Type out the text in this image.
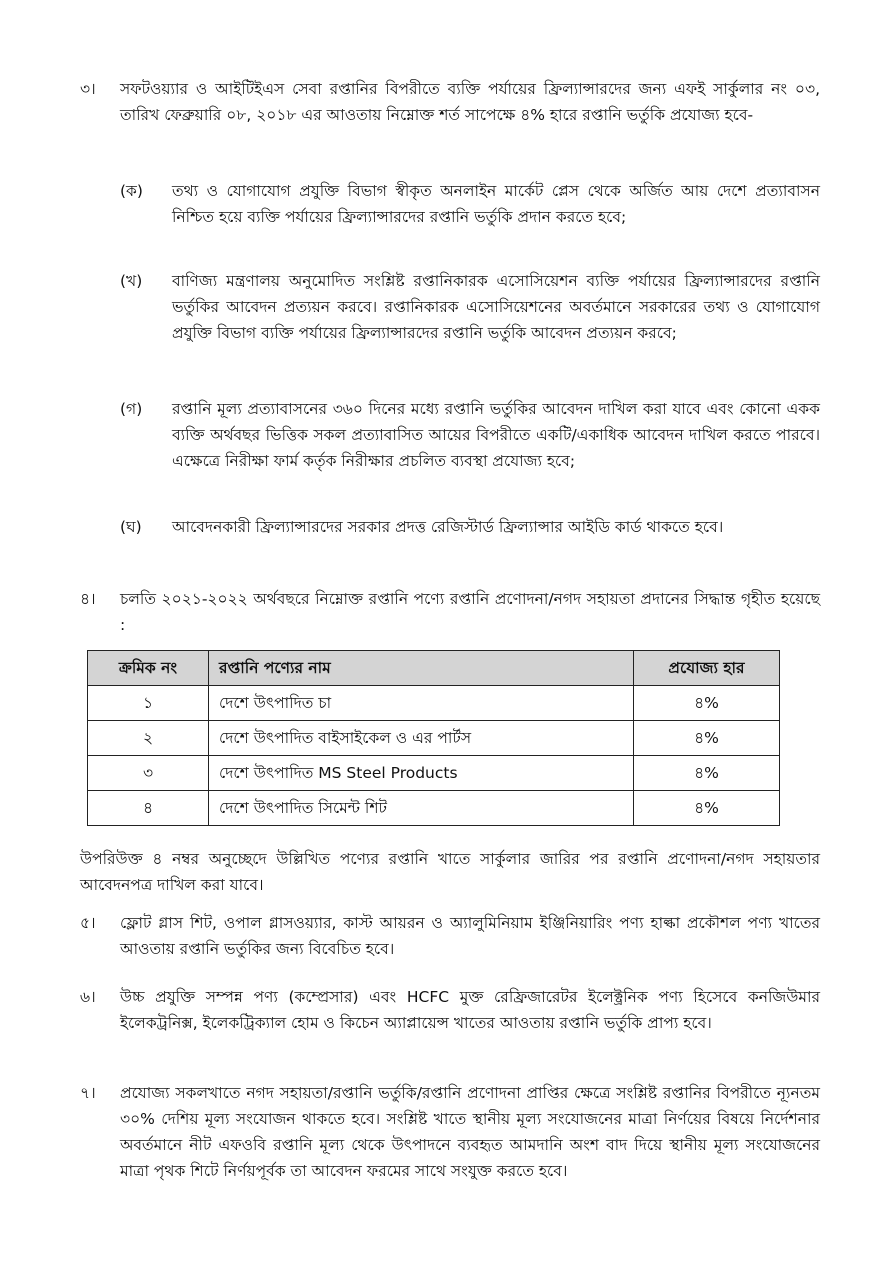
৩।	সফটওয়্যার ও আইটিইএস সেবা রপ্তানির বিপরীতে ব্যক্তি পর্যায়ের ফ্রিল্যান্সারদের জন্য এফই সার্কুলার নং ০৩, তারিখ ফেব্রুয়ারি ০৮, ২০১৮ এর আওতায় নিম্নোক্ত শর্ত সাপেক্ষে ৪% হারে রপ্তানি ভর্তুকি প্রযোজ্য হবে-
(ক)	তথ্য ও যোগাযোগ প্রযুক্তি বিভাগ স্বীকৃত অনলাইন মার্কেট প্লেস থেকে অর্জিত আয় দেশে প্রত্যাবাসন নিশ্চিত হয়ে ব্যক্তি পর্যায়ের ফ্রিল্যান্সারদের রপ্তানি ভর্তুকি প্রদান করতে হবে;
(খ)	বাণিজ্য মন্ত্রণালয় অনুমোদিত সংশ্লিষ্ট রপ্তানিকারক এসোসিয়েশন ব্যক্তি পর্যায়ের ফ্রিল্যান্সারদের রপ্তানি ভর্তুকির আবেদন প্রত্যয়ন করবে। রপ্তানিকারক এসোসিয়েশনের অবর্তমানে সরকারের তথ্য ও যোগাযোগ প্রযুক্তি বিভাগ ব্যক্তি পর্যায়ের ফ্রিল্যান্সারদের রপ্তানি ভর্তুকি আবেদন প্রত্যয়ন করবে;
(গ)	রপ্তানি মূল্য প্রত্যাবাসনের ৩৬০ দিনের মধ্যে রপ্তানি ভর্তুকির আবেদন দাখিল করা যাবে এবং কোনো একক ব্যক্তি অর্থবছর ভিত্তিক সকল প্রত্যাবাসিত আয়ের বিপরীতে একটি/একাধিক আবেদন দাখিল করতে পারবে। এক্ষেত্রে নিরীক্ষা ফার্ম কর্তৃক নিরীক্ষার প্রচলিত ব্যবস্থা প্রযোজ্য হবে;
(ঘ)	আবেদনকারী ফ্রিল্যান্সারদের সরকার প্রদত্ত রেজিস্টার্ড ফ্রিল্যান্সার আইডি কার্ড থাকতে হবে।
৪।	চলতি ২০২১-২০২২ অর্থবছরে নিম্নোক্ত রপ্তানি পণ্যে রপ্তানি প্রণোদনা/নগদ সহায়তা প্রদানের সিদ্ধান্ত গৃহীত হয়েছে :
ক্রমিক নং	রপ্তানি পণ্যের নাম	প্রযোজ্য হার
১	দেশে উৎপাদিত চা	৪%
২	দেশে উৎপাদিত বাইসাইকেল ও এর পার্টস	৪%
৩	দেশে উৎপাদিত MS Steel Products	৪%
৪	দেশে উৎপাদিত সিমেন্ট শিট	৪%
উপরিউক্ত ৪ নম্বর অনুচ্ছেদে উল্লিখিত পণ্যের রপ্তানি খাতে সার্কুলার জারির পর রপ্তানি প্রণোদনা/নগদ সহায়তার আবেদনপত্র দাখিল করা যাবে।
৫।	ফ্লোট গ্লাস শিট, ওপাল গ্লাসওয়্যার, কাস্ট আয়রন ও অ্যালুমিনিয়াম ইঞ্জিনিয়ারিং পণ্য হাল্কা প্রকৌশল পণ্য খাতের আওতায় রপ্তানি ভর্তুকির জন্য বিবেচিত হবে।
৬।	উচ্চ প্রযুক্তি সম্পন্ন পণ্য (কম্প্রেসার) এবং HCFC মুক্ত রেফ্রিজারেটর ইলেক্ট্রনিক পণ্য হিসেবে কনজিউমার ইলেকট্রনিক্স, ইলেকট্রিক্যাল হোম ও কিচেন অ্যাপ্লায়েন্স খাতের আওতায় রপ্তানি ভর্তুকি প্রাপ্য হবে।
৭।	প্রযোজ্য সকলখাতে নগদ সহায়তা/রপ্তানি ভর্তুকি/রপ্তানি প্রণোদনা প্রাপ্তির ক্ষেত্রে সংশ্লিষ্ট রপ্তানির বিপরীতে ন্যূনতম ৩০% দেশিয় মূল্য সংযোজন থাকতে হবে। সংশ্লিষ্ট খাতে স্থানীয় মূল্য সংযোজনের মাত্রা নির্ণয়ের বিষয়ে নির্দেশনার অবর্তমানে নীট এফওবি রপ্তানি মূল্য থেকে উৎপাদনে ব্যবহৃত আমদানি অংশ বাদ দিয়ে স্থানীয় মূল্য সংযোজনের মাত্রা পৃথক শিটে নির্ণয়পূর্বক তা আবেদন ফরমের সাথে সংযুক্ত করতে হবে।
